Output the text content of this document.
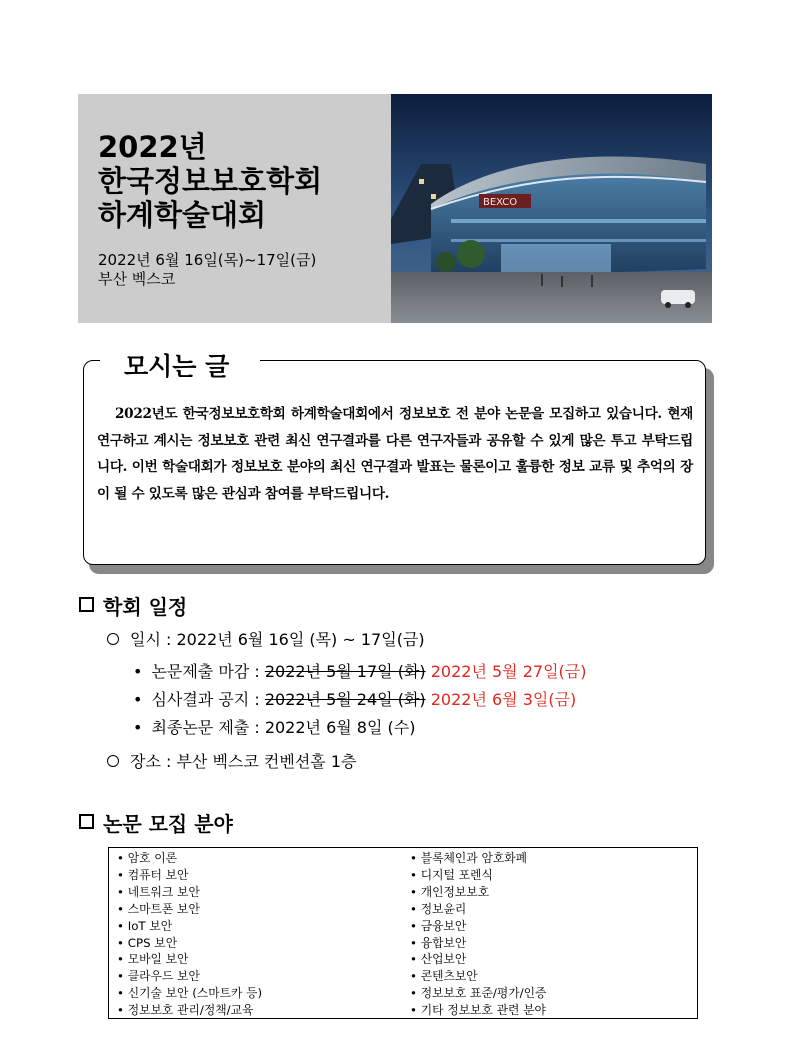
2022년
한국정보보호학회
하계학술대회
2022년 6월 16일(목)~17일(금)
부산 벡스코
BEXCO
모시는 글
2022년도 한국정보보호학회 하계학술대회에서 정보보호 전 분야 논문을 모집하고 있습니다. 현재 연구하고 계시는 정보보호 관련 최신 연구결과를 다른 연구자들과 공유할 수 있게 많은 투고 부탁드립니다. 이번 학술대회가 정보보호 분야의 최신 연구결과 발표는 물론이고 훌륭한 정보 교류 및 추억의 장이 될 수 있도록 많은 관심과 참여를 부탁드립니다.
학회 일정
일시 : 2022년 6월 16일 (목) ~ 17일(금)
• 논문제출 마감 : 2022년 5월 17일 (화) 2022년 5월 27일(금)
• 심사결과 공지 : 2022년 5월 24일 (화) 2022년 6월 3일(금)
• 최종논문 제출 : 2022년 6월 8일 (수)
장소 : 부산 벡스코 컨벤션홀 1층
논문 모집 분야
• 암호 이론
• 컴퓨터 보안
• 네트워크 보안
• 스마트폰 보안
• IoT 보안
• CPS 보안
• 모바일 보안
• 클라우드 보안
• 신기술 보안 (스마트카 등)
• 정보보호 관리/정책/교육
• 블록체인과 암호화폐
• 디지털 포렌식
• 개인정보보호
• 정보윤리
• 금융보안
• 융합보안
• 산업보안
• 콘텐츠보안
• 정보보호 표준/평가/인증
• 기타 정보보호 관련 분야
